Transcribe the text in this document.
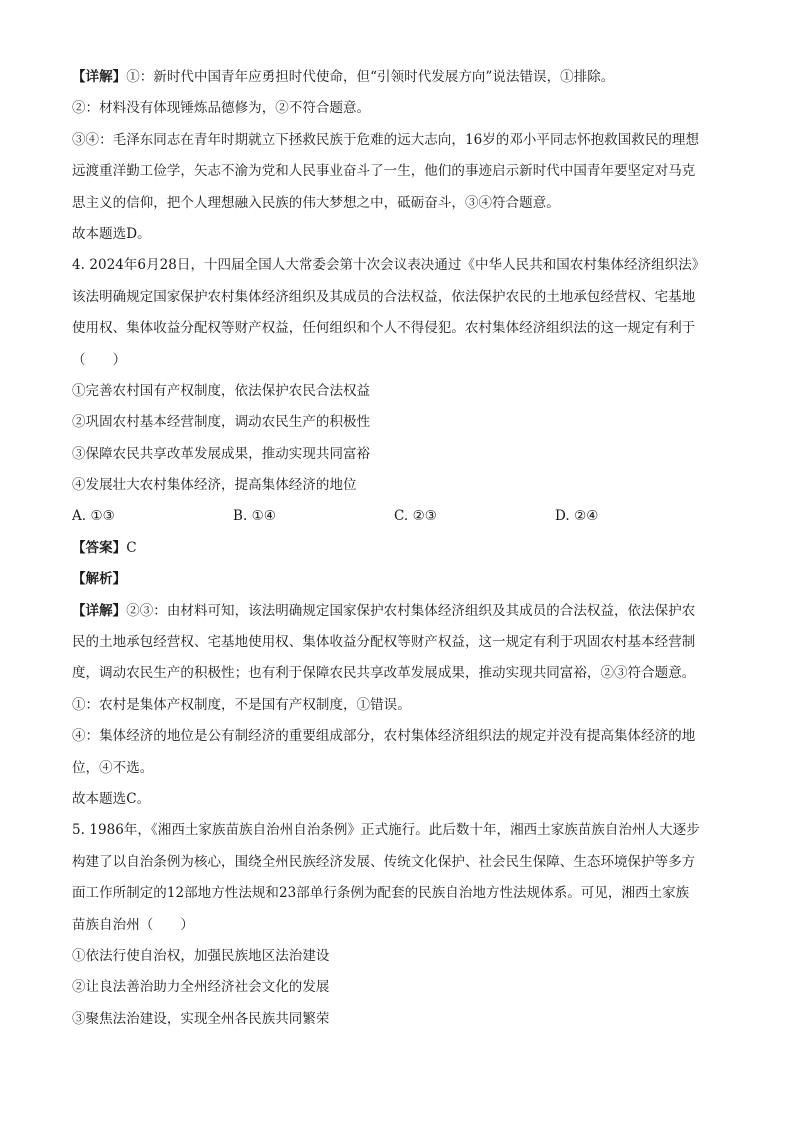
【详解】①：新时代中国青年应勇担时代使命，但“引领时代发展方向”说法错误，①排除。
②：材料没有体现锤炼品德修为，②不符合题意。
③④：毛泽东同志在青年时期就立下拯救民族于危难的远大志向，16岁的邓小平同志怀抱救国救民的理想
远渡重洋勤工俭学，矢志不渝为党和人民事业奋斗了一生，他们的事迹启示新时代中国青年要坚定对马克
思主义的信仰，把个人理想融入民族的伟大梦想之中，砥砺奋斗，③④符合题意。
故本题选D。
4. 2024年6月28日，十四届全国人大常委会第十次会议表决通过《中华人民共和国农村集体经济组织法》
该法明确规定国家保护农村集体经济组织及其成员的合法权益，依法保护农民的土地承包经营权、宅基地
使用权、集体收益分配权等财产权益，任何组织和个人不得侵犯。农村集体经济组织法的这一规定有利于
（　　）
①完善农村国有产权制度，依法保护农民合法权益
②巩固农村基本经营制度，调动农民生产的积极性
③保障农民共享改革发展成果，推动实现共同富裕
④发展壮大农村集体经济，提高集体经济的地位
A. ①③	B. ①④	C. ②③	D. ②④
【答案】C
【解析】
【详解】②③：由材料可知，该法明确规定国家保护农村集体经济组织及其成员的合法权益，依法保护农
民的土地承包经营权、宅基地使用权、集体收益分配权等财产权益，这一规定有利于巩固农村基本经营制
度，调动农民生产的积极性；也有利于保障农民共享改革发展成果，推动实现共同富裕，②③符合题意。
①：农村是集体产权制度，不是国有产权制度，①错误。
④：集体经济的地位是公有制经济的重要组成部分，农村集体经济组织法的规定并没有提高集体经济的地
位，④不选。
故本题选C。
5. 1986年，《湘西土家族苗族自治州自治条例》正式施行。此后数十年，湘西土家族苗族自治州人大逐步
构建了以自治条例为核心，围绕全州民族经济发展、传统文化保护、社会民生保障、生态环境保护等多方
面工作所制定的12部地方性法规和23部单行条例为配套的民族自治地方性法规体系。可见，湘西土家族
苗族自治州（　　）
①依法行使自治权，加强民族地区法治建设
②让良法善治助力全州经济社会文化的发展
③聚焦法治建设，实现全州各民族共同繁荣
